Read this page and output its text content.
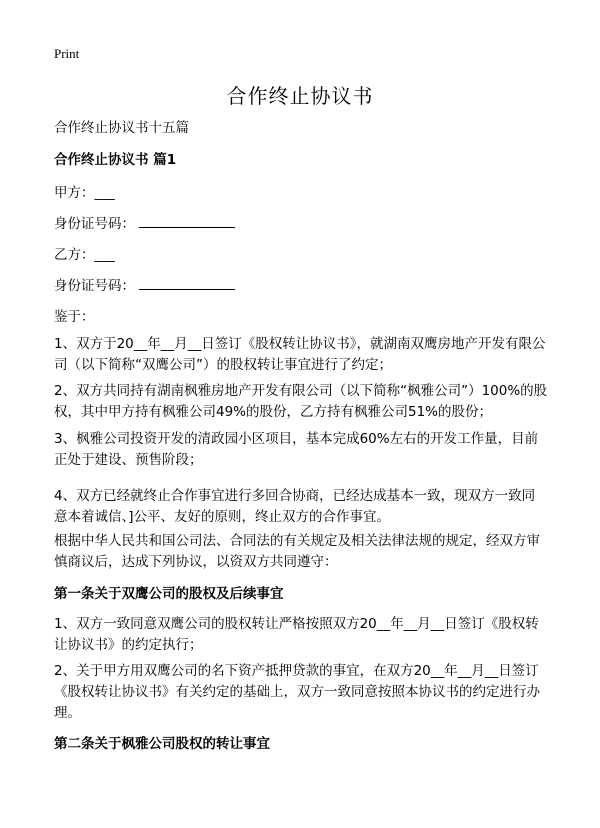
Print
合作终止协议书
合作终止协议书十五篇
合作终止协议书 篇1
甲方：___
身份证号码：
乙方：___
身份证号码：
鉴于：
1、双方于20__年__月__日签订《股权转让协议书》，就湖南双鹰房地产开发有限公司（以下简称“双鹰公司”）的股权转让事宜进行了约定；
2、双方共同持有湖南枫雅房地产开发有限公司（以下简称“枫雅公司”）100%的股权，其中甲方持有枫雅公司49%的股份，乙方持有枫雅公司51%的股份；
3、枫雅公司投资开发的清政园小区项目，基本完成60%左右的开发工作量，目前正处于建设、预售阶段；
4、双方已经就终止合作事宜进行多回合协商，已经达成基本一致，现双方一致同意本着诚信、]公平、友好的原则，终止双方的合作事宜。
根据中华人民共和国公司法、合同法的有关规定及相关法律法规的规定，经双方审慎商议后，达成下列协议，以资双方共同遵守：
第一条关于双鹰公司的股权及后续事宜
1、双方一致同意双鹰公司的股权转让严格按照双方20__年__月__日签订《股权转让协议书》的约定执行；
2、关于甲方用双鹰公司的名下资产抵押贷款的事宜，在双方20__年__月__日签订《股权转让协议书》有关约定的基础上，双方一致同意按照本协议书的约定进行办理。
第二条关于枫雅公司股权的转让事宜
